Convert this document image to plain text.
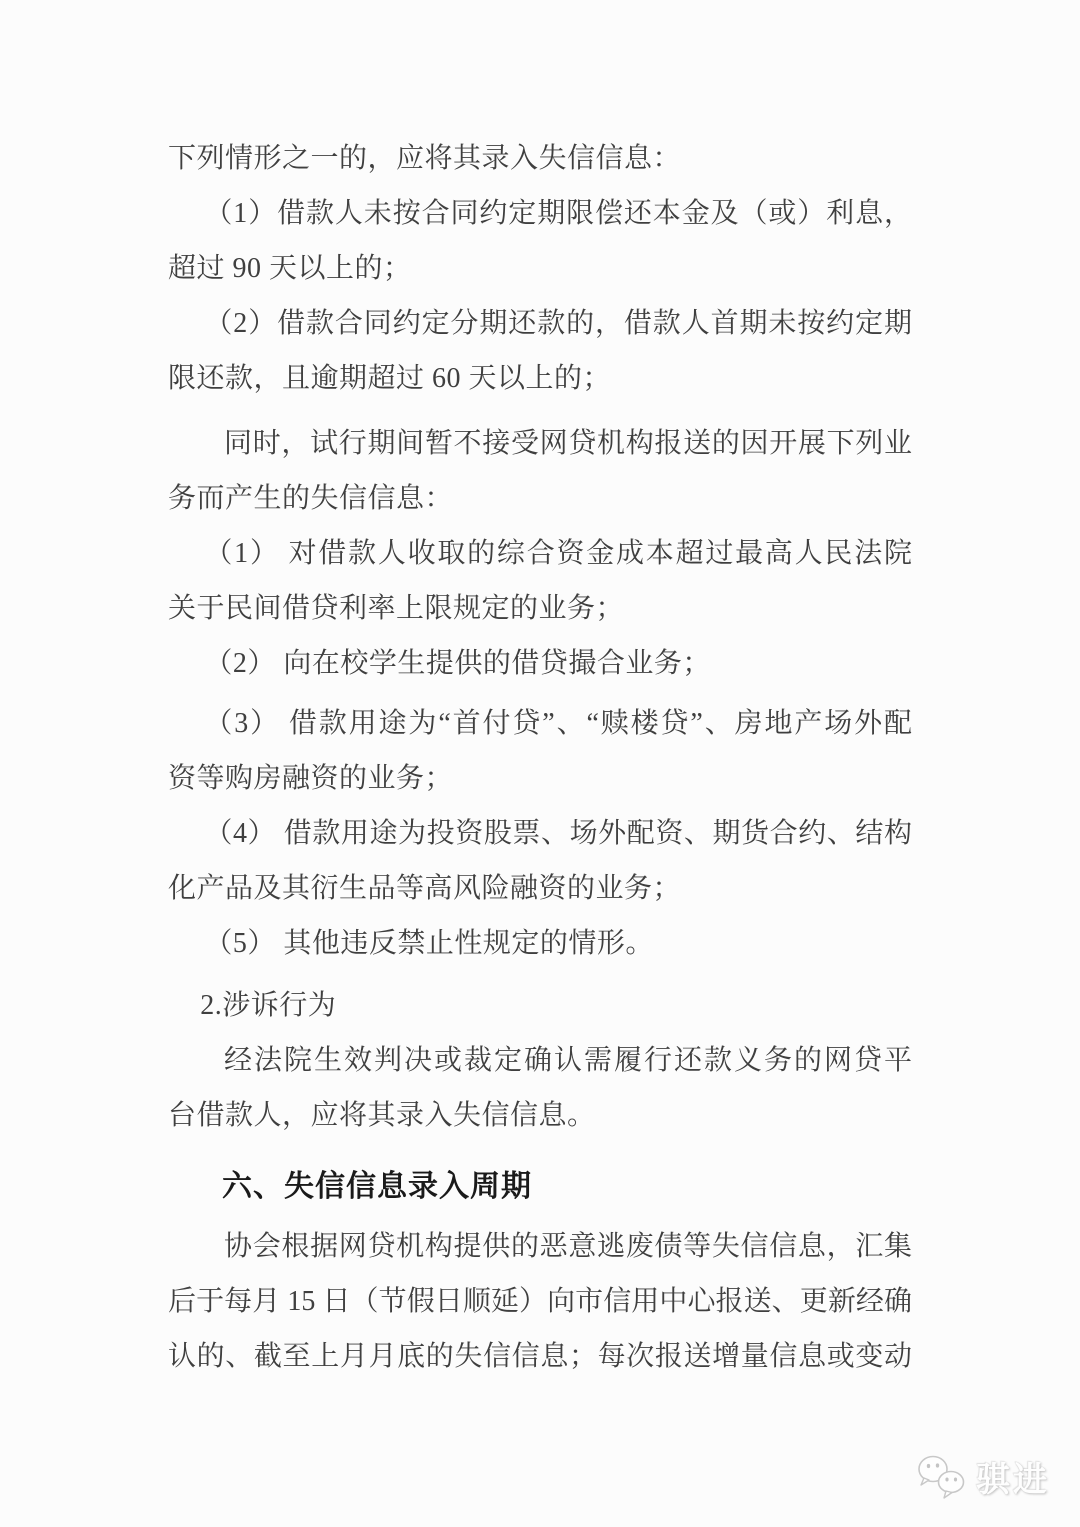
下列情形之一的，应将其录入失信信息：
（1）借款人未按合同约定期限偿还本金及（或）利息，
超过 90 天以上的；
（2）借款合同约定分期还款的，借款人首期未按约定期
限还款，且逾期超过 60 天以上的；
同时，试行期间暂不接受网贷机构报送的因开展下列业
务而产生的失信信息：
（1） 对借款人收取的综合资金成本超过最高人民法院
关于民间借贷利率上限规定的业务；
（2） 向在校学生提供的借贷撮合业务；
（3） 借款用途为“首付贷”、“赎楼贷”、房地产场外配
资等购房融资的业务；
（4） 借款用途为投资股票、场外配资、期货合约、结构
化产品及其衍生品等高风险融资的业务；
（5） 其他违反禁止性规定的情形。
2.涉诉行为
经法院生效判决或裁定确认需履行还款义务的网贷平
台借款人，应将其录入失信信息。
六、失信信息录入周期
协会根据网贷机构提供的恶意逃废债等失信信息，汇集
后于每月 15 日（节假日顺延）向市信用中心报送、更新经确
认的、截至上月月底的失信信息；每次报送增量信息或变动
骐进
